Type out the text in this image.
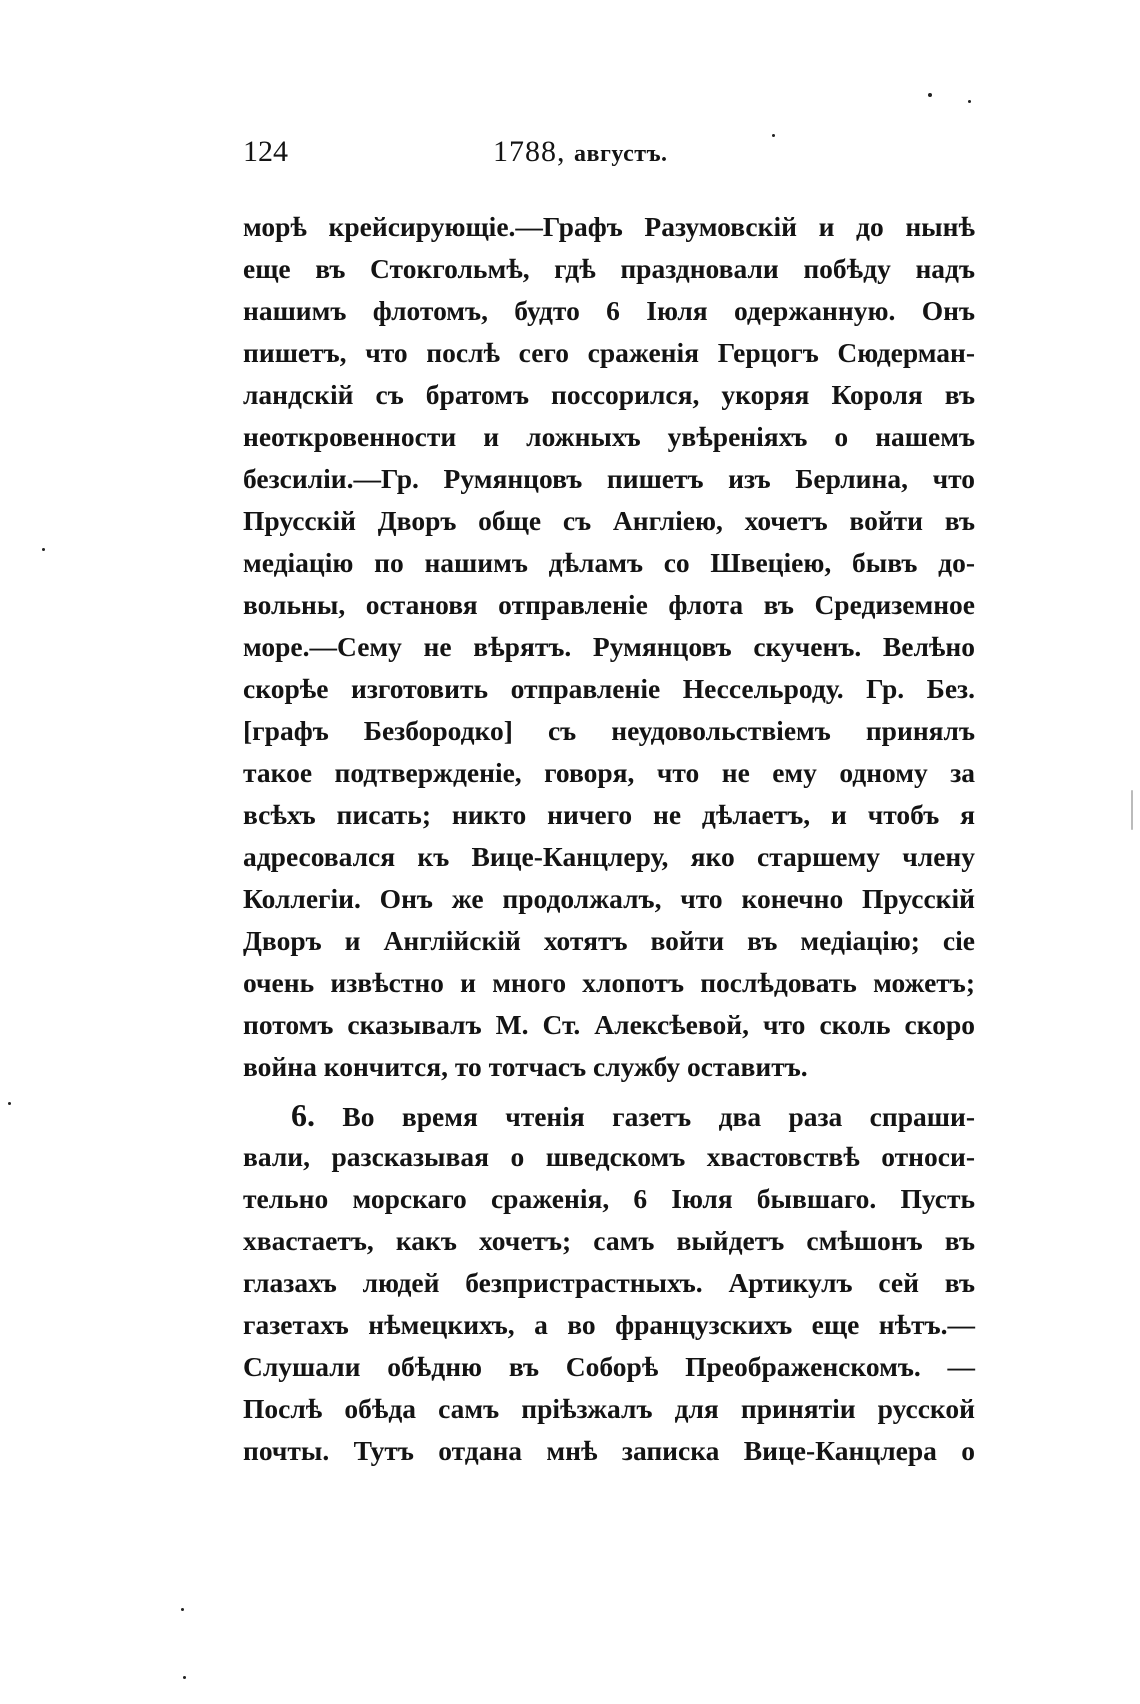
124	1788, августъ.
морѣ крейсирующіе.—Графъ Разумовскій и до нынѣ
еще въ Стокгольмѣ, гдѣ праздновали побѣду надъ
нашимъ флотомъ, будто 6 Іюля одержанную. Онъ
пишетъ, что послѣ сего сраженія Герцогъ Сюдерман-
ландскій съ братомъ поссорился, укоряя Короля въ
неоткровенности и ложныхъ увѣреніяхъ о нашемъ
безсиліи.—Гр. Румянцовъ пишетъ изъ Берлина, что
Прусскій Дворъ обще съ Англіею, хочетъ войти въ
медіацію по нашимъ дѣламъ со Швеціею, бывъ до-
вольны, остановя отправленіе флота въ Средиземное
море.—Сему не вѣрятъ. Румянцовъ скученъ. Велѣно
скорѣе изготовить отправленіе Нессельроду. Гр. Без.
[графъ Безбородко] съ неудовольствіемъ принялъ
такое подтвержденіе, говоря, что не ему одному за
всѣхъ писать; никто ничего не дѣлаетъ, и чтобъ я
адресовался къ Вице-Канцлеру, яко старшему члену
Коллегіи. Онъ же продолжалъ, что конечно Прусскій
Дворъ и Англійскій хотятъ войти въ медіацію; сіе
очень извѣстно и много хлопотъ послѣдовать можетъ;
потомъ сказывалъ М. Ст. Алексѣевой, что сколь скоро
война кончится, то тотчасъ службу оставитъ.
6. Во время чтенія газетъ два раза спраши-
вали, разсказывая о шведскомъ хвастовствѣ относи-
тельно морскаго сраженія, 6 Іюля бывшаго. Пусть
хвастаетъ, какъ хочетъ; самъ выйдетъ смѣшонъ въ
глазахъ людей безпристрастныхъ. Артикулъ сей въ
газетахъ нѣмецкихъ, а во французскихъ еще нѣтъ.—
Слушали обѣдню въ Соборѣ Преображенскомъ. —
Послѣ обѣда самъ пріѣзжалъ для принятіи русской
почты. Тутъ отдана мнѣ записка Вице-Канцлера о
